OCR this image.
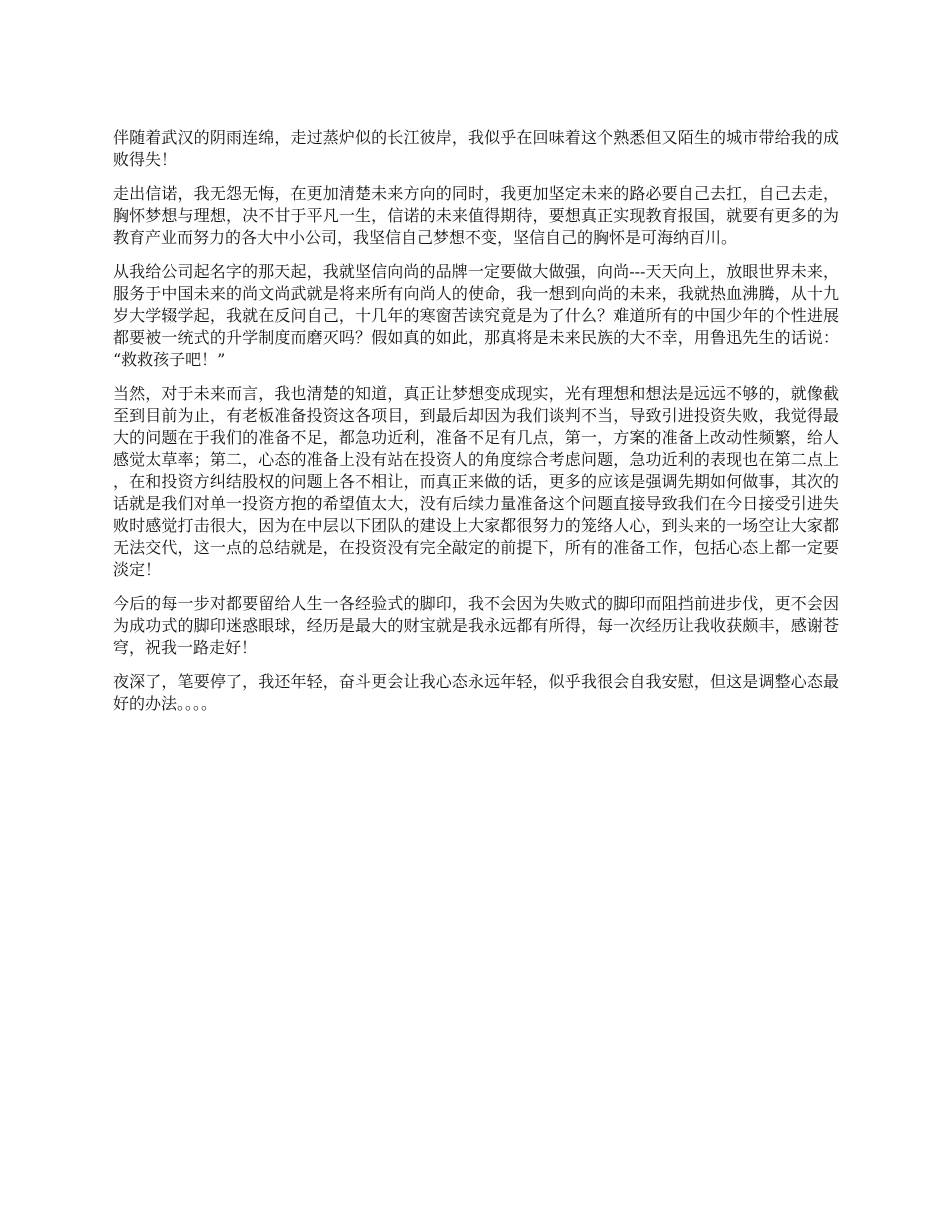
伴随着武汉的阴雨连绵，走过蒸炉似的长江彼岸，我似乎在回味着这个熟悉但又陌生的城市带给我的成败得失！

走出信诺，我无怨无悔，在更加清楚未来方向的同时，我更加坚定未来的路必要自己去扛，自己去走，胸怀梦想与理想，决不甘于平凡一生，信诺的未来值得期待，要想真正实现教育报国，就要有更多的为教育产业而努力的各大中小公司，我坚信自己梦想不变，坚信自己的胸怀是可海纳百川。

从我给公司起名字的那天起，我就坚信向尚的品牌一定要做大做强，向尚---天天向上，放眼世界未来，服务于中国未来的尚文尚武就是将来所有向尚人的使命，我一想到向尚的未来，我就热血沸腾，从十九岁大学辍学起，我就在反问自己，十几年的寒窗苦读究竟是为了什么？难道所有的中国少年的个性进展都要被一统式的升学制度而磨灭吗？假如真的如此，那真将是未来民族的大不幸，用鲁迅先生的话说：“救救孩子吧！”

当然，对于未来而言，我也清楚的知道，真正让梦想变成现实，光有理想和想法是远远不够的，就像截至到目前为止，有老板准备投资这各项目，到最后却因为我们谈判不当，导致引进投资失败，我觉得最大的问题在于我们的准备不足，都急功近利，准备不足有几点，第一，方案的准备上改动性频繁，给人感觉太草率；第二，心态的准备上没有站在投资人的角度综合考虑问题，急功近利的表现也在第二点上，在和投资方纠结股权的问题上各不相让，而真正来做的话，更多的应该是强调先期如何做事，其次的话就是我们对单一投资方抱的希望值太大，没有后续力量准备这个问题直接导致我们在今日接受引进失败时感觉打击很大，因为在中层以下团队的建设上大家都很努力的笼络人心，到头来的一场空让大家都无法交代，这一点的总结就是，在投资没有完全敲定的前提下，所有的准备工作，包括心态上都一定要淡定！

今后的每一步对都要留给人生一各经验式的脚印，我不会因为失败式的脚印而阻挡前进步伐，更不会因为成功式的脚印迷惑眼球，经历是最大的财宝就是我永远都有所得，每一次经历让我收获颇丰，感谢苍穹，祝我一路走好！

夜深了，笔要停了，我还年轻，奋斗更会让我心态永远年轻，似乎我很会自我安慰，但这是调整心态最好的办法。。。。
